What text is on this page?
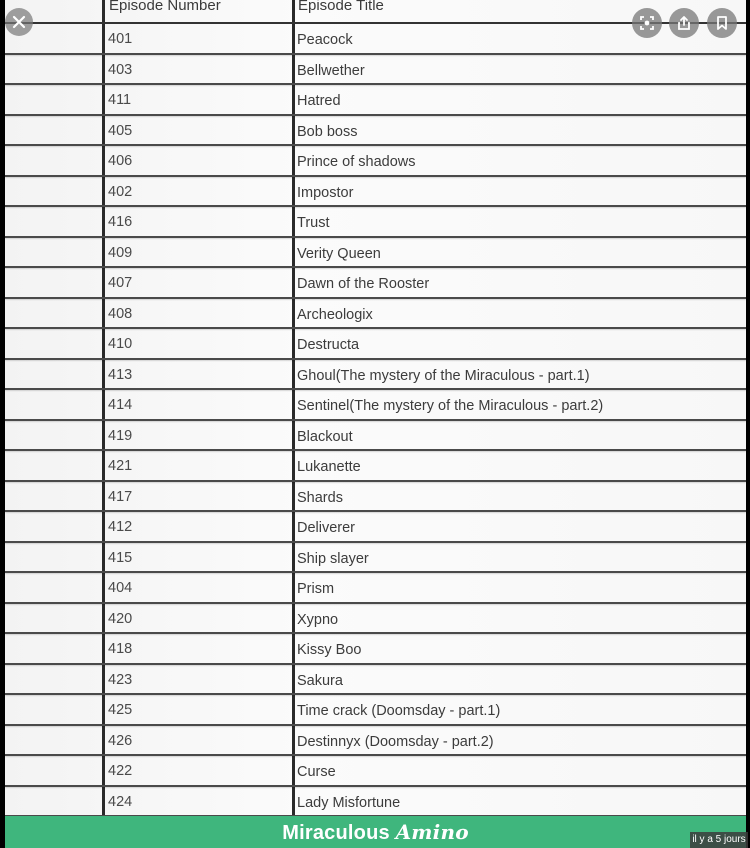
Episode Number	Episode Title
401	Peacock
403	Bellwether
411	Hatred
405	Bob boss
406	Prince of shadows
402	Impostor
416	Trust
409	Verity Queen
407	Dawn of the Rooster
408	Archeologix
410	Destructa
413	Ghoul(The mystery of the Miraculous - part.1)
414	Sentinel(The mystery of the Miraculous - part.2)
419	Blackout
421	Lukanette
417	Shards
412	Deliverer
415	Ship slayer
404	Prism
420	Xypno
418	Kissy Boo
423	Sakura
425	Time crack (Doomsday - part.1)
426	Destinnyx (Doomsday - part.2)
422	Curse
424	Lady Misfortune
Miraculous Amino	il y a 5 jours
